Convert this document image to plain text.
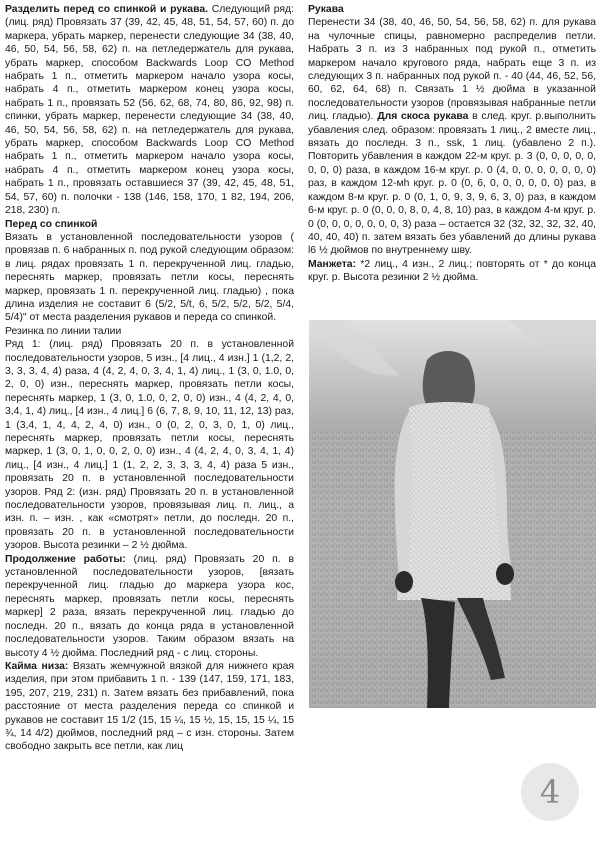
Разделить перед со спинкой и рукава. Следующий ряд: (лиц. ряд) Провязать 37 (39, 42, 45, 48, 51, 54, 57, 60) п. до маркера, убрать маркер, перенести следующие 34 (38, 40, 46, 50, 54, 56, 58, 62) п. на петледержатель для рукава, убрать маркер, способом Backwards Loop CO Method набрать 1 п., отметить маркером начало узора косы, набрать 4 п., отметить маркером конец узора косы, набрать 1 п., провязать 52 (56, 62, 68, 74, 80, 86, 92, 98) п. спинки, убрать маркер, перенести следующие 34 (38, 40, 46, 50, 54, 56, 58, 62) п. на петледержатель для рукава, убрать маркер, способом Backwards Loop CO Method набрать 1 п., отметить маркером начало узора косы, набрать 4 п., отметить маркером конец узора косы, набрать 1 п., провязать оставшиеся 37 (39, 42, 45, 48, 51, 54, 57, 60) п. полочки - 138 (146, 158, 170, 1 82, 194, 206, 218, 230) п.

Перед со спинкой

Вязать в установленной последовательности узоров ( провязав п. 6 набранных п. под рукой следующим образом: в лиц. рядах провязать 1 п. перекрученной лиц. гладью, переснять маркер, провязать петли косы, переснять маркер, провязать 1 п. перекрученной лиц. гладью) , пока длина изделия не составит 6 (5/2, 5/t, 6, 5/2, 5/2, 5/2, 5/4, 5/4)" от места разделения рукавов и переда со спинкой.

Резинка по линии талии

Ряд 1: (лиц. ряд) Провязать 20 п. в установленной последовательности узоров, 5 изн., [4 лиц., 4 изн.] 1 (1,2, 2, 3, 3, 3, 4, 4) раза, 4 (4, 2, 4, 0, 3, 4, 1, 4) лиц., 1 (3, 0, 1.0, 0, 2, 0, 0) изн., переснять маркер, провязать петли косы, переснять маркер, 1 (3, 0, 1.0, 0, 2, 0, 0) изн., 4 (4, 2, 4, 0, 3,4, 1, 4) лиц., [4 изн., 4 лиц.] 6 (6, 7, 8, 9, 10, 11, 12, 13) раз, 1 (3,4, 1, 4, 4, 2, 4, 0) изн., 0 (0, 2, 0, 3, 0, 1, 0) лиц., переснять маркер, провязать петли косы, переснять маркер, 1 (3, 0, 1, 0, 0, 2, 0, 0) изн., 4 (4, 2, 4, 0, 3, 4, 1, 4) лиц., [4 изн., 4 лиц.] 1 (1, 2, 2, 3, 3, 3, 4, 4) раза 5 изн., провязать 20 п. в установленной последовательности узоров. Ряд 2: (изн. ряд) Провязать 20 п. в установленной последовательности узоров, провязывая лиц. п. лиц., а изн. п. – изн. , как «смотрят» петли, до последн. 20 п., провязать 20 п. в установленной последовательности узоров. Высота резинки – 2 ½ дюйма.

Продолжение работы: (лиц. ряд) Провязать 20 п. в установленной последовательности узоров, [вязать перекрученной лиц. гладью до маркера узора кос, переснять маркер, провязать петли косы, переснять маркер] 2 раза, вязать перекрученной лиц. гладью до последн. 20 п., вязать до конца ряда в установленной последовательности узоров. Таким образом вязать на высоту 4 ½ дюйма. Последний ряд - с лиц. стороны.

Кайма низа: Вязать жемчужной вязкой для нижнего края изделия, при этом прибавить 1 п. - 139 (147, 159, 171, 183, 195, 207, 219, 231) п. Затем вязать без прибавлений, пока расстояние от места разделения переда со спинкой и рукавов не составит 15 1/2 (15, 15 ¼, 15 ½, 15, 15, 15 ¼, 15 ¾, 14 4/2) дюймов, последний ряд – с изн. стороны. Затем свободно закрыть все петли, как лиц

Рукава

Перенести 34 (38, 40, 46, 50, 54, 56, 58, 62) п. для рукава на чулочные спицы, равномерно распределив петли. Набрать 3 п. из 3 набранных под рукой п., отметить маркером начало кругового ряда, набрать еще 3 п. из следующих 3 п. набранных под рукой п. - 40 (44, 46, 52, 56, 60, 62, 64, 68) п. Связать 1 ½ дюйма в указанной последовательности узоров (провязывая набранные петли лиц. гладью). Для скоса рукава в след. круг. р.выполнить убавления след. образом: провязать 1 лиц., 2 вместе лиц., вязать до последн. 3 п., ssk, 1 лиц. (убавлено 2 п.). Повторить убавления в каждом 22-м круг. р. 3 (0, 0, 0, 0, 0, 0, 0, 0) раза, в каждом 16-м круг. р. 0 (4, 0, 0, 0, 0, 0, 0, 0) раз, в каждом 12-мh круг. р. 0 (0, 6, 0, 0, 0, 0, 0, 0) раз, в каждом 8-м круг. р. 0 (0, 1, 0, 9, 3, 9, 6, 3, 0) раз, в каждом 6-м круг. р. 0 (0, 0, 0, 8, 0, 4, 8, 10) раз, в каждом 4-м круг. р. 0 (0, 0, 0, 0, 0, 0, 0, 3) раза – остается 32 (32, 32, 32, 32, 40, 40, 40, 40) п. затем вязать без убавлений до длины рукава l6 ½ дюймов по внутреннему шву.

Манжета: *2 лиц., 4 изн., 2 лиц.; повторять от * до конца круг. р. Высота резинки 2 ½ дюйма.

4
